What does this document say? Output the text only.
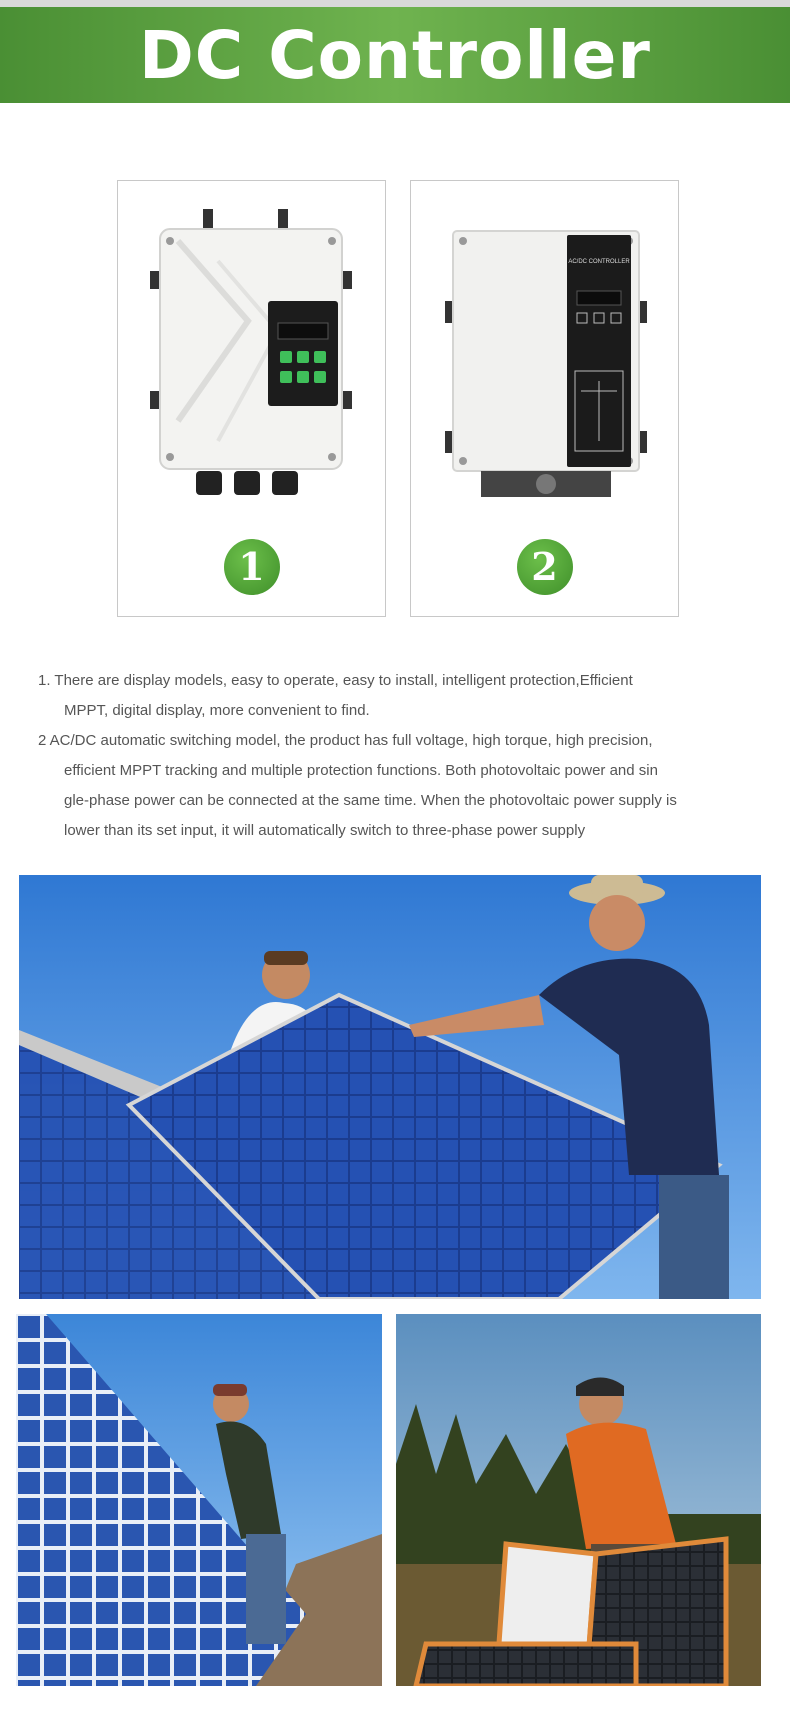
DC Controller
1
AC/DC CONTROLLER
2

1. There are display models, easy to operate, easy to install, intelligent protection,Efficient

MPPT, digital display, more convenient to find.

2 AC/DC automatic switching model, the product has full voltage, high torque, high precision,

efficient MPPT tracking and multiple protection functions. Both photovoltaic power and sin

gle-phase power can be connected at the same time. When the photovoltaic power supply is

lower than its set input, it will automatically switch to three-phase power supply
